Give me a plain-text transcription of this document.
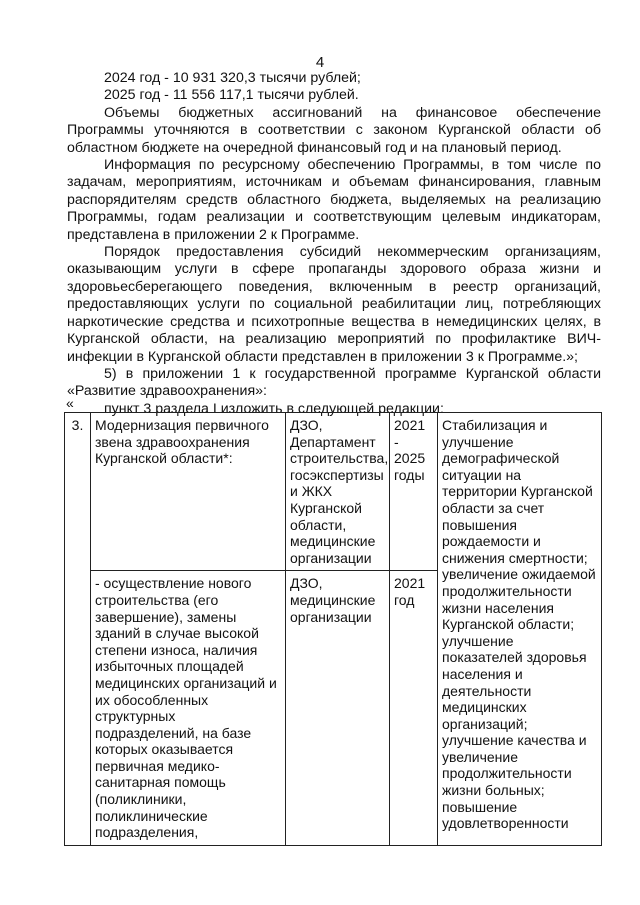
4

2024 год - 10 931 320,3 тысячи рублей;

2025 год - 11 556 117,1 тысячи рублей.

Объемы бюджетных ассигнований на финансовое обеспечение Программы уточняются в соответствии с законом Курганской области об областном бюджете на очередной финансовый год и на плановый период.

Информация по ресурсному обеспечению Программы, в том числе по задачам, мероприятиям, источникам и объемам финансирования, главным распорядителям средств областного бюджета, выделяемых на реализацию Программы, годам реализации и соответствующим целевым индикаторам, представлена в приложении 2 к Программе.

Порядок предоставления субсидий некоммерческим организациям, оказывающим услуги в сфере пропаганды здорового образа жизни и здоровьесберегающего поведения, включенным в реестр организаций, предоставляющих услуги по социальной реабилитации лиц, потребляющих наркотические средства и психотропные вещества в немедицинских целях, в Курганской области, на реализацию мероприятий по профилактике ВИЧ-инфекции в Курганской области представлен в приложении 3 к Программе.»;

5) в приложении 1 к государственной программе Курганской области «Развитие здравоохранения»:

пункт 3 раздела I изложить в следующей редакции:

«
3.	Модернизация первичного звена здравоохранения Курганской области*:	ДЗО, Департамент строительства, госэкспертизы и ЖКХ Курганской области, медицинские организации	2021 - 2025 годы	Стабилизация и улучшение демографической ситуации на территории Курганской области за счет повышения рождаемости и снижения смертности; увеличение ожидаемой продолжительности жизни населения Курганской области; улучшение показателей здоровья населения и деятельности медицинских организаций; улучшение качества и увеличение продолжительности жизни больных; повышение удовлетворенности
	- осуществление нового строительства (его завершение), замены зданий в случае высокой степени износа, наличия избыточных площадей медицинских организаций и их обособленных структурных подразделений, на базе которых оказывается первичная медико-санитарная помощь (поликлиники, поликлинические подразделения,	ДЗО, медицинские организации	2021 год	
